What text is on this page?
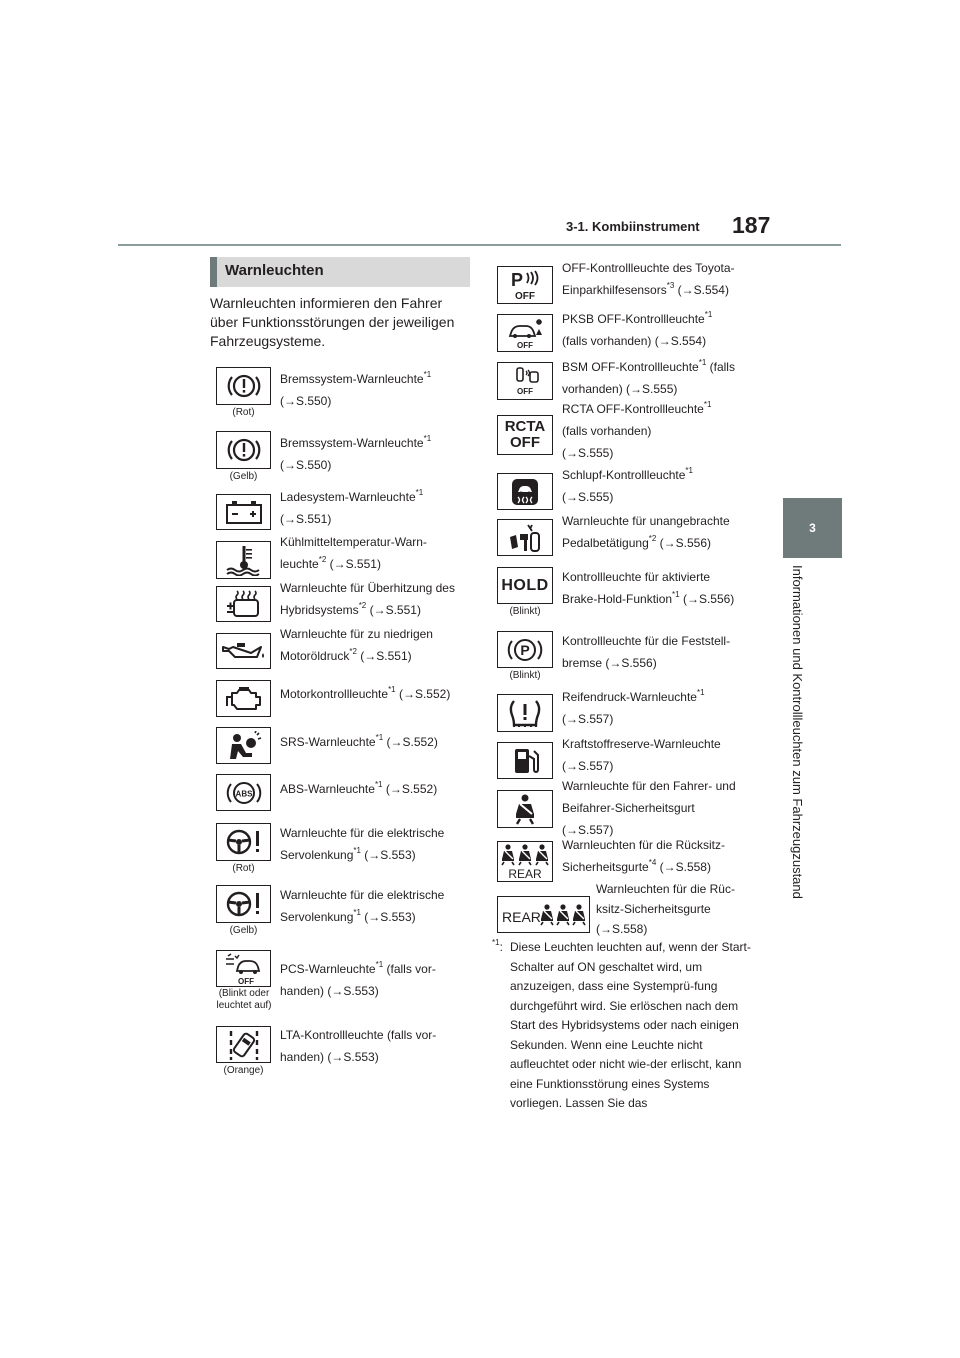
3-1. Kombiinstrument 187
3
Informationen und Kontrollleuchten zum Fahrzeugzustand
Warnleuchten
Warnleuchten informieren den Fahrer über Funktionsstörungen der jeweiligen Fahrzeugsysteme.
(Rot)
Bremssystem-Warnleuchte$^{*1}$
(→S.550)
(Gelb)
Bremssystem-Warnleuchte$^{*1}$
(→S.550)
Ladesystem-Warnleuchte$^{*1}$
(→S.551)
Kühlmitteltemperatur-Warn-
leuchte$^{*2}$ (→S.551)
Warnleuchte für Überhitzung des
Hybridsystems$^{*2}$ (→S.551)
Warnleuchte für zu niedrigen
Motoröldruck$^{*2}$ (→S.551)
Motorkontrollleuchte$^{*1}$ (→S.552)
SRS-Warnleuchte$^{*1}$ (→S.552)
ABS ABS-Warnleuchte$^{*1}$ (→S.552)
(Rot)
Warnleuchte für die elektrische
Servolenkung$^{*1}$ (→S.553)
(Gelb)
Warnleuchte für die elektrische
Servolenkung$^{*1}$ (→S.553)
OFF
(Blinkt oder leuchtet auf)
PCS-Warnleuchte$^{*1}$ (falls vor-
handen) (→S.553)
(Orange)
LTA-Kontrollleuchte (falls vor-
handen) (→S.553)
P
OFF
OFF-Kontrollleuchte des Toyota-
Einparkhilfesensors$^{*3}$ (→S.554)
OFF
PKSB OFF-Kontrollleuchte$^{*1}$
(falls vorhanden) (→S.554)
OFF
BSM OFF-Kontrollleuchte$^{*1}$ (falls
vorhanden) (→S.555)
RCTA OFF
RCTA OFF-Kontrollleuchte$^{*1}$
(falls vorhanden)
(→S.555)
Schlupf-Kontrollleuchte$^{*1}$
(→S.555)
Warnleuchte für unangebrachte
Pedalbetätigung$^{*2}$ (→S.556)
HOLD
(Blinkt)
Kontrollleuchte für aktivierte
Brake-Hold-Funktion$^{*1}$ (→S.556)
P
(Blinkt)
Kontrollleuchte für die Feststell-
bremse (→S.556)
Reifendruck-Warnleuchte$^{*1}$
(→S.557)
Kraftstoffreserve-Warnleuchte
(→S.557)
Warnleuchte für den Fahrer- und
Beifahrer-Sicherheitsgurt
(→S.557)
REAR
Warnleuchten für die Rücksitz-
Sicherheitsgurte$^{*4}$ (→S.558)
REAR
Warnleuchten für die Rüc-
ksitz-Sicherheitsgurte
(→S.558)
$^{*1}$: Diese Leuchten leuchten auf, wenn der Start-Schalter auf ON geschaltet wird, um anzuzeigen, dass eine Systemprü-fung durchgeführt wird. Sie erlöschen nach dem Start des Hybridsystems oder nach einigen Sekunden. Wenn eine Leuchte nicht aufleuchtet oder nicht wie-der erlischt, kann eine Funktionsstörung eines Systems vorliegen. Lassen Sie das
